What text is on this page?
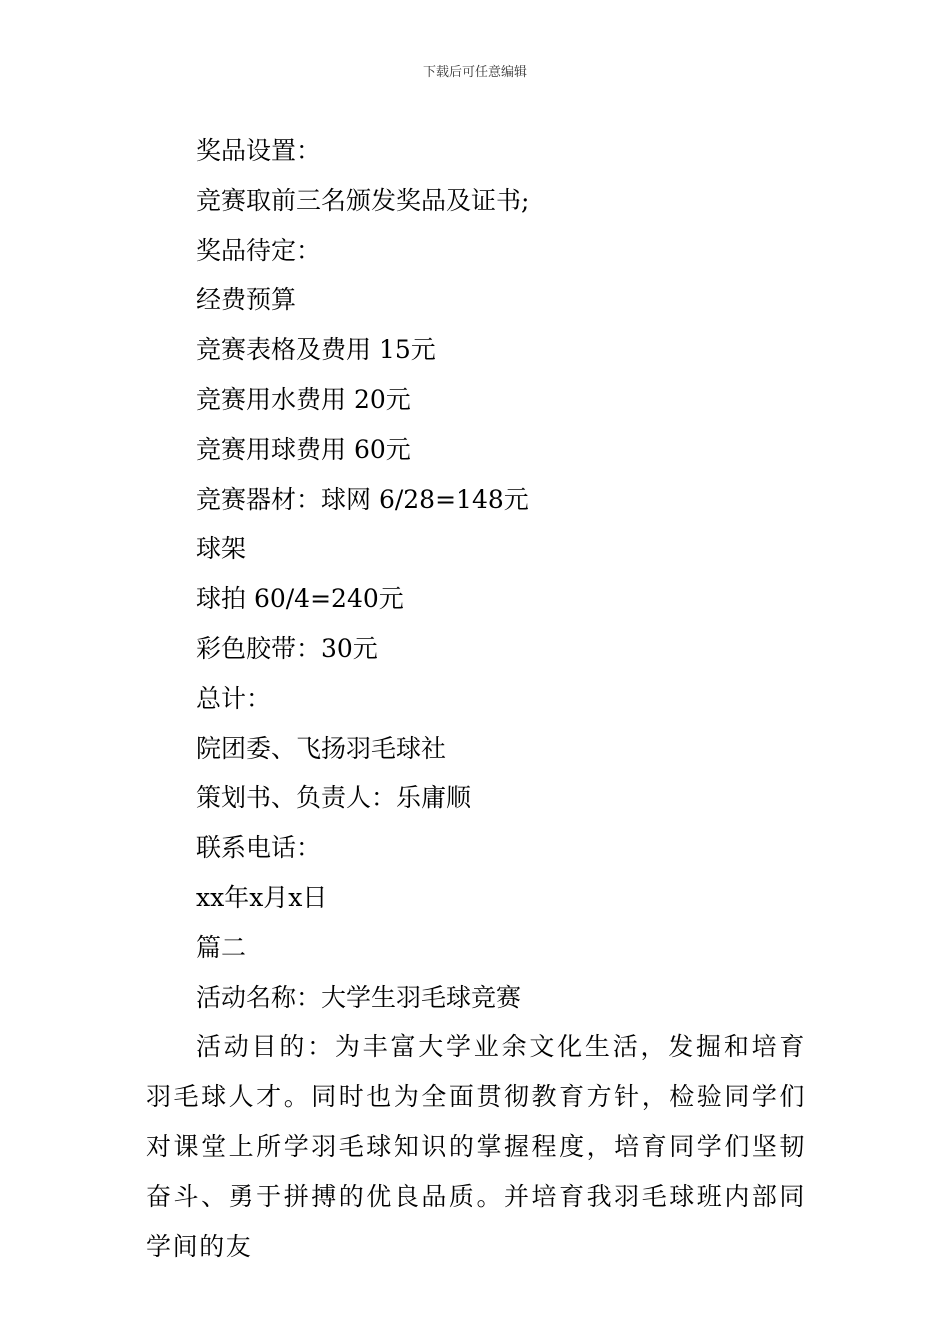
下载后可任意编辑
奖品设置：
竞赛取前三名颁发奖品及证书;
奖品待定：
经费预算
竞赛表格及费用 15元
竞赛用水费用 20元
竞赛用球费用 60元
竞赛器材：球网 6/28=148元
球架
球拍 60/4=240元
彩色胶带：30元
总计：
院团委、飞扬羽毛球社
策划书、负责人：乐庸顺
联系电话：
xx年x月x日
篇二
活动名称：大学生羽毛球竞赛
活动目的：为丰富大学业余文化生活，发掘和培育羽毛球人才。同时也为全面贯彻教育方针，检验同学们对课堂上所学羽毛球知识的掌握程度，培育同学们坚韧奋斗、勇于拼搏的优良品质。并培育我羽毛球班内部同学间的友
